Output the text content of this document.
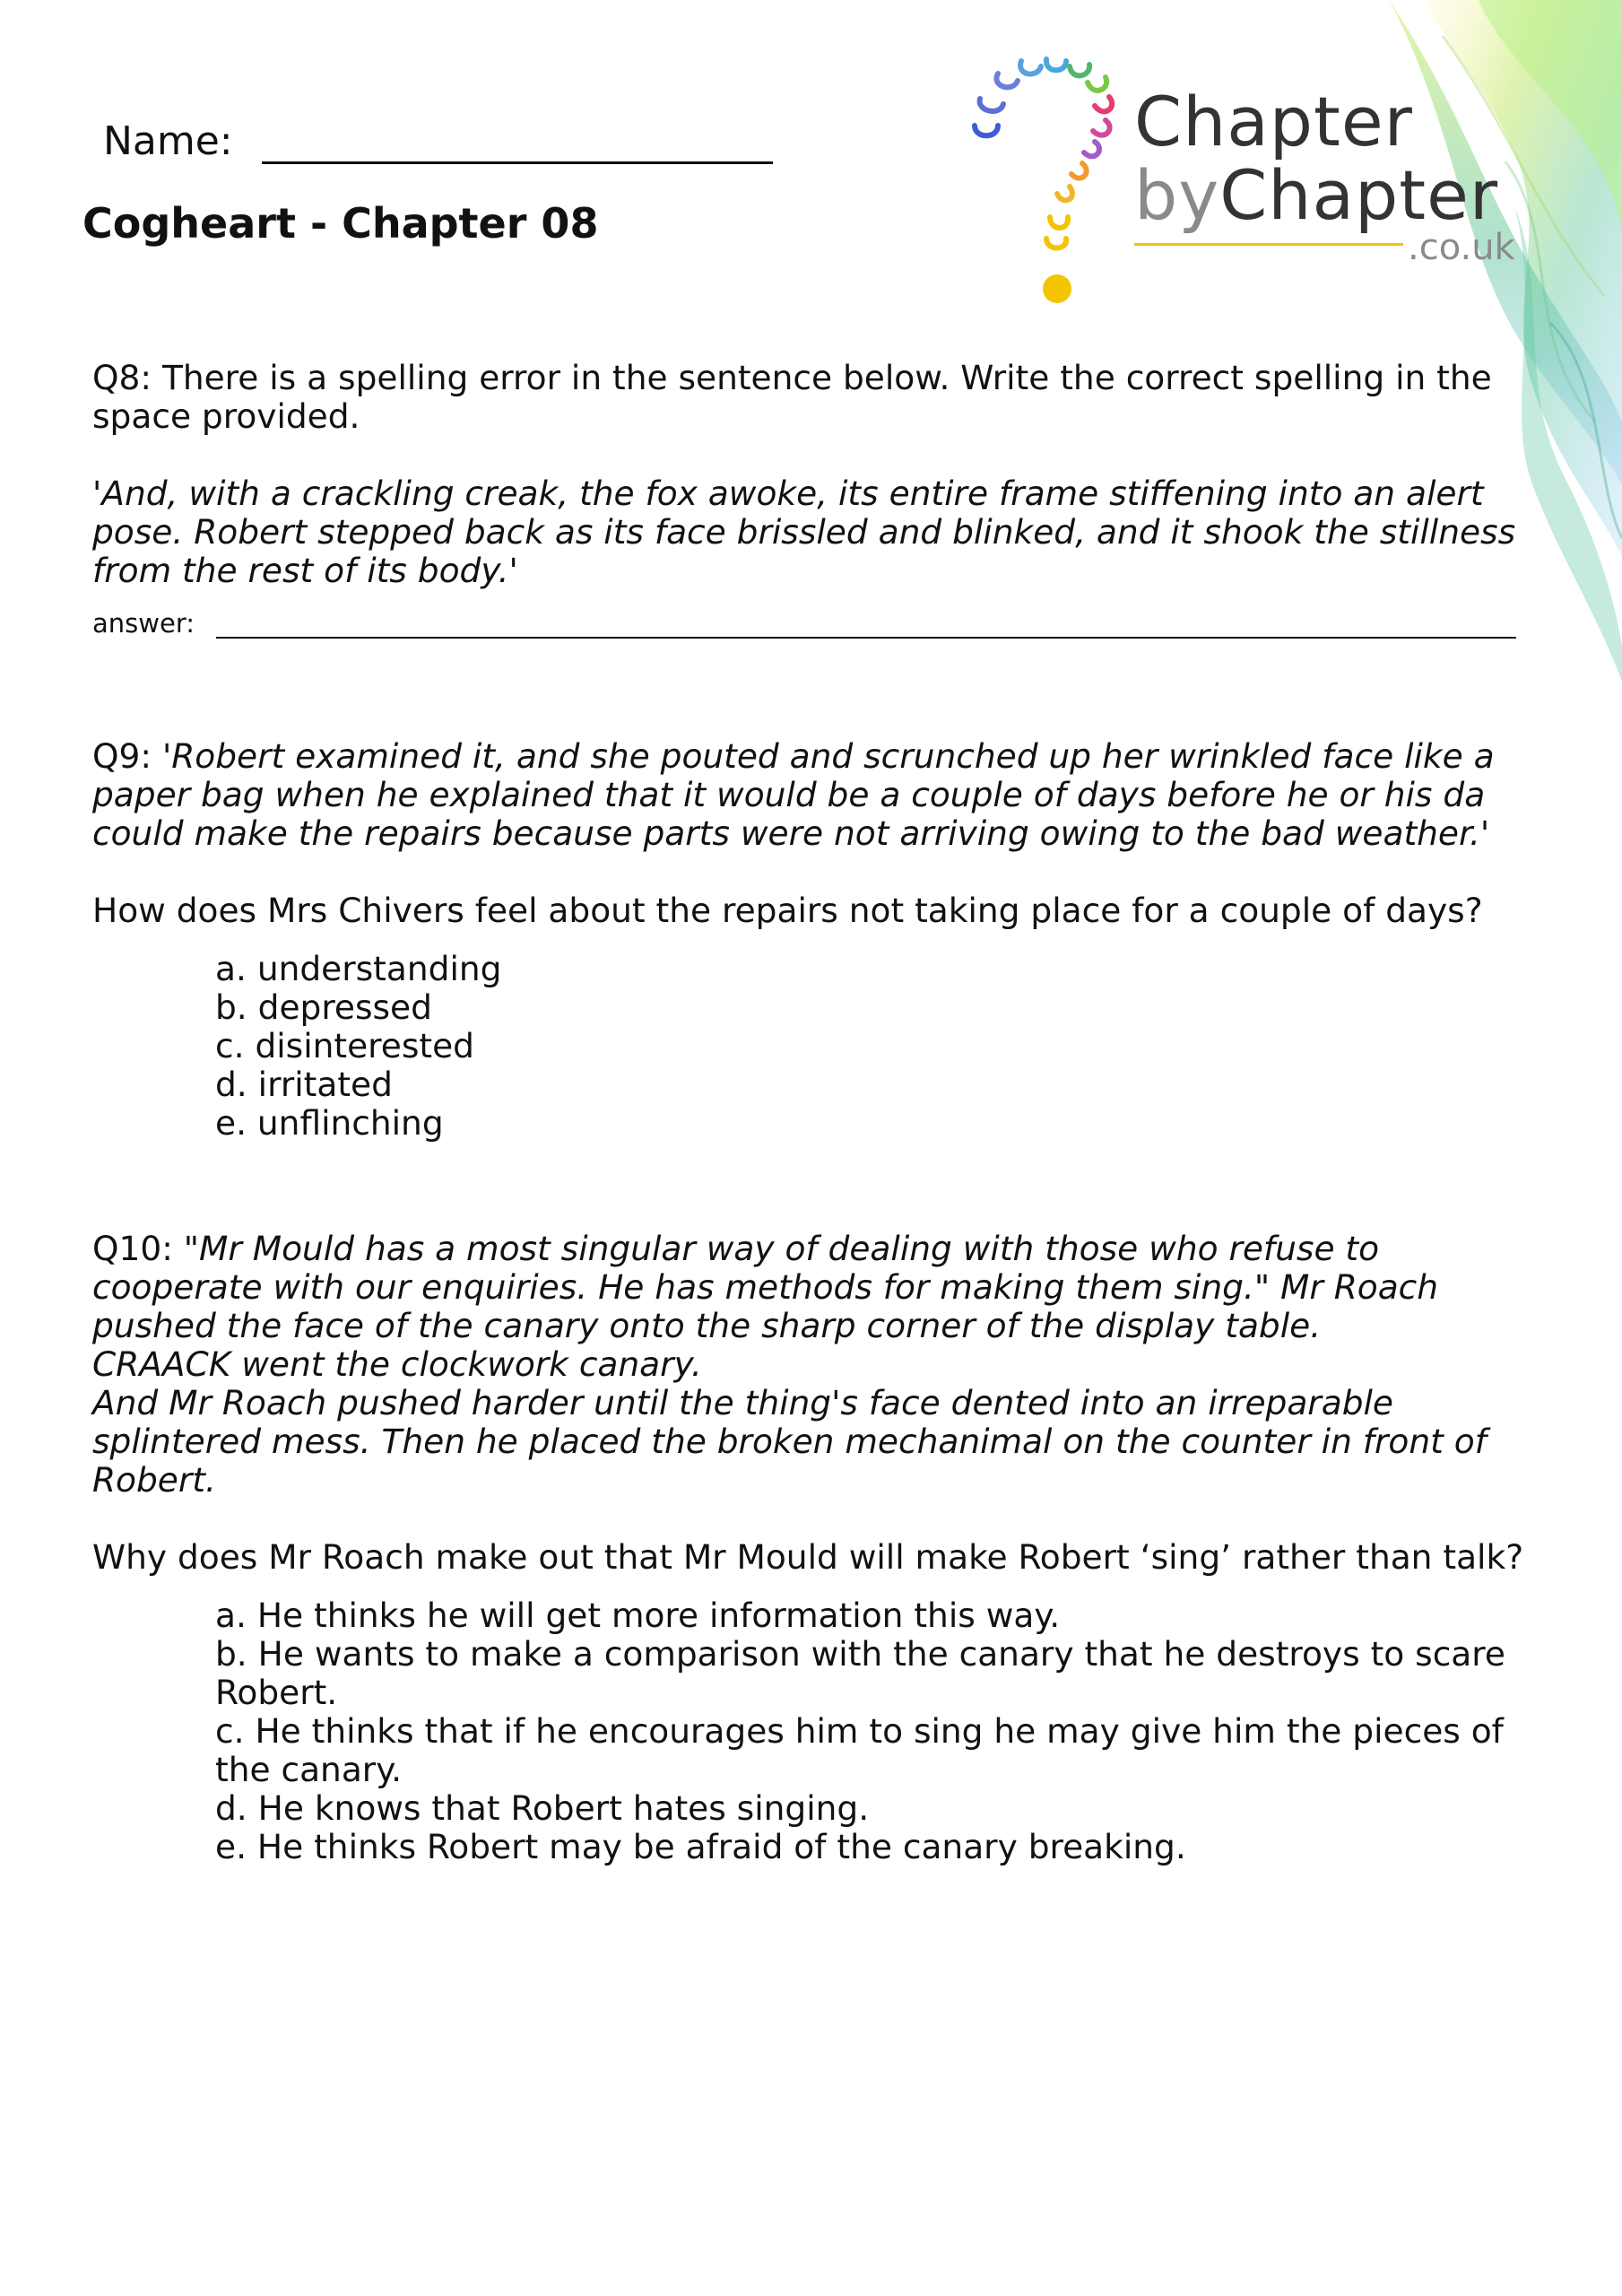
Chapter
byChapter
.co.uk
Name:
Cogheart - Chapter 08

Q8: There is a spelling error in the sentence below. Write the correct spelling in the space provided.

'And, with a crackling creak, the fox awoke, its entire frame stiffening into an alert pose. Robert stepped back as its face brissled and blinked, and it shook the stillness from the rest of its body.'

answer:

Q9: 'Robert examined it, and she pouted and scrunched up her wrinkled face like a paper bag when he explained that it would be a couple of days before he or his da could make the repairs because parts were not arriving owing to the bad weather.'

How does Mrs Chivers feel about the repairs not taking place for a couple of days?

a. understanding
b. depressed
c. disinterested
d. irritated
e. unflinching

Q10: "Mr Mould has a most singular way of dealing with those who refuse to cooperate with our enquiries. He has methods for making them sing." Mr Roach pushed the face of the canary onto the sharp corner of the display table.

CRAACK went the clockwork canary.

And Mr Roach pushed harder until the thing's face dented into an irreparable splintered mess. Then he placed the broken mechanimal on the counter in front of Robert.

Why does Mr Roach make out that Mr Mould will make Robert ‘sing’ rather than talk?

a. He thinks he will get more information this way.
b. He wants to make a comparison with the canary that he destroys to scare Robert.
c. He thinks that if he encourages him to sing he may give him the pieces of the canary.
d. He knows that Robert hates singing.
e. He thinks Robert may be afraid of the canary breaking.
